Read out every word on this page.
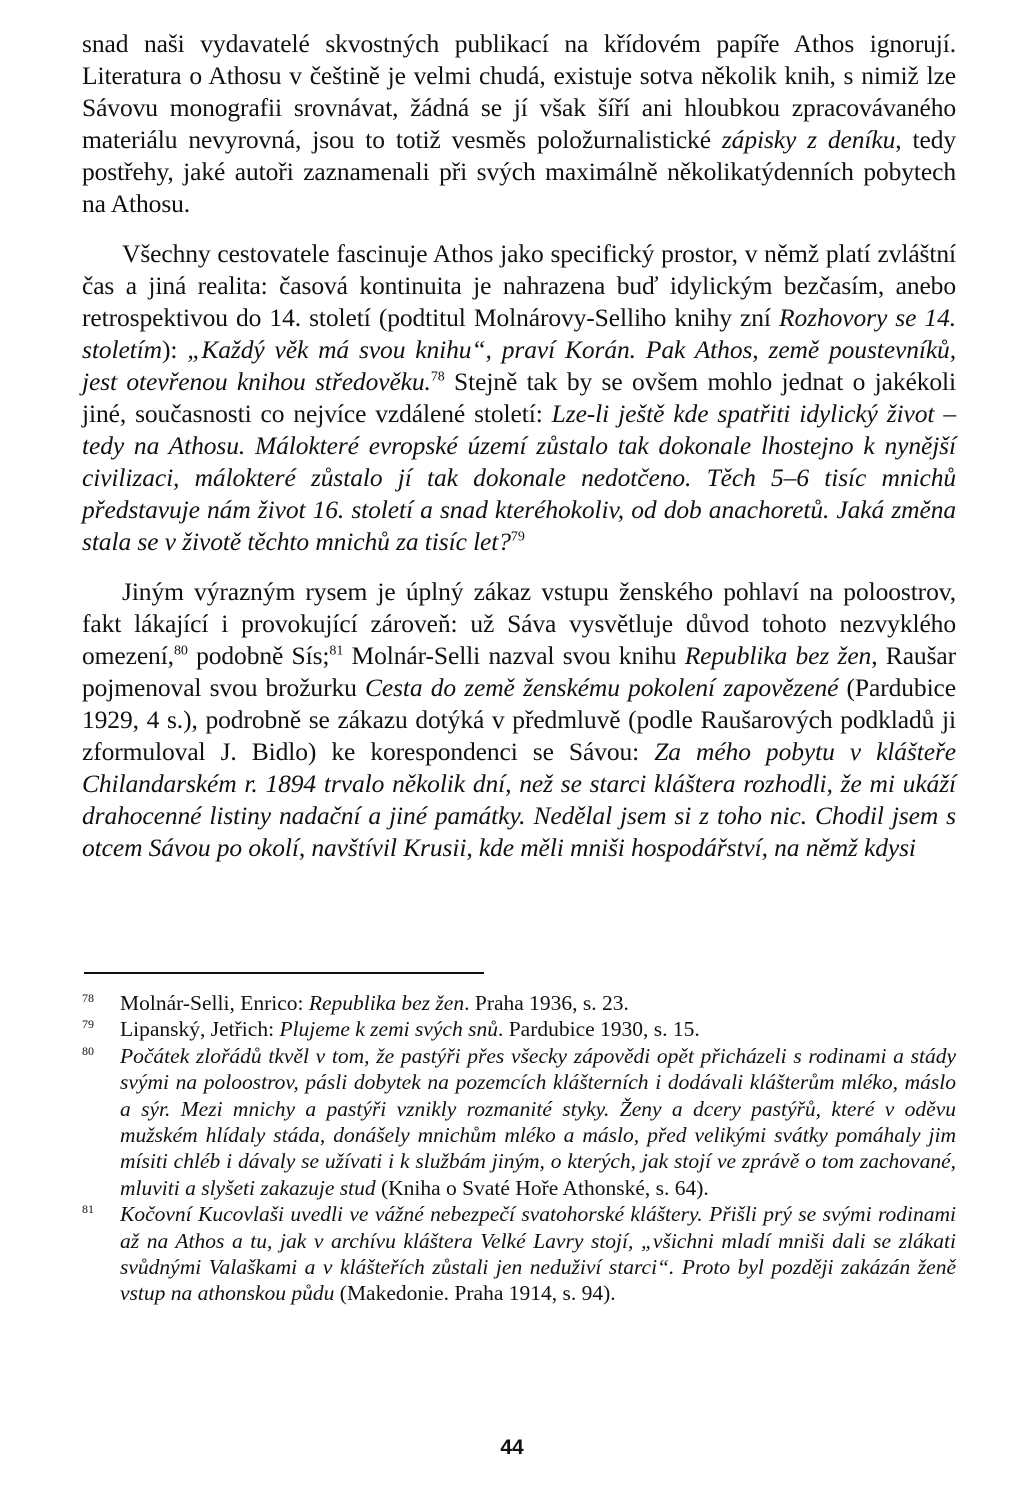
snad naši vydavatelé skvostných publikací na křídovém papíře Athos ignorují. Literatura o Athosu v češtině je velmi chudá, existuje sotva několik knih, s nimiž lze Sávovu monografii srovnávat, žádná se jí však šíří ani hloubkou zpracovávaného materiálu nevyrovná, jsou to totiž vesměs položurnalistické zápisky z deníku, tedy postřehy, jaké autoři zaznamenali při svých maximálně několikatýdenních pobytech na Athosu.

Všechny cestovatele fascinuje Athos jako specifický prostor, v němž platí zvláštní čas a jiná realita: časová kontinuita je nahrazena buď idylickým bezčasím, anebo retrospektivou do 14. století (podtitul Molnárovy-Selliho knihy zní Rozhovory se 14. stoletím): „Každý věk má svou knihu“, praví Korán. Pak Athos, země poustevníků, jest otevřenou knihou středověku.$^{78}$ Stejně tak by se ovšem mohlo jednat o jakékoli jiné, současnosti co nejvíce vzdálené století: Lze-li ještě kde spatřiti idylický život – tedy na Athosu. Málokteré evropské území zůstalo tak dokonale lhostejno k nynější civilizaci, málokteré zůstalo jí tak dokonale nedotčeno. Těch 5–6 tisíc mnichů představuje nám život 16. století a snad kteréhokoliv, od dob anachoretů. Jaká změna stala se v životě těchto mnichů za tisíc let?$^{79}$

Jiným výrazným rysem je úplný zákaz vstupu ženského pohlaví na poloostrov, fakt lákající i provokující zároveň: už Sáva vysvětluje důvod tohoto nezvyklého omezení,$^{80}$ podobně Sís;$^{81}$ Molnár-Selli nazval svou knihu Republika bez žen, Raušar pojmenoval svou brožurku Cesta do země ženskému pokolení zapovězené (Pardubice 1929, 4 s.), podrobně se zákazu dotýká v předmluvě (podle Raušarových podkladů ji zformuloval J. Bidlo) ke korespondenci se Sávou: Za mého pobytu v klášteře Chilandarském r. 1894 trvalo několik dní, než se starci kláštera rozhodli, že mi ukáží drahocenné listiny nadační a jiné památky. Nedělal jsem si z toho nic. Chodil jsem s otcem Sávou po okolí, navštívil Krusii, kde měli mniši hospodářství, na němž kdysi

$^{78}$ Molnár-Selli, Enrico: Republika bez žen. Praha 1936, s. 23.

$^{79}$ Lipanský, Jetřich: Plujeme k zemi svých snů. Pardubice 1930, s. 15.

$^{80}$ Počátek zlořádů tkvěl v tom, že pastýři přes všecky zápovědi opět přicházeli s rodinami a stády svými na poloostrov, pásli dobytek na pozemcích klášterních i dodávali klášterům mléko, máslo a sýr. Mezi mnichy a pastýři vznikly rozmanité styky. Ženy a dcery pastýřů, které v oděvu mužském hlídaly stáda, donášely mnichům mléko a máslo, před velikými svátky pomáhaly jim mísiti chléb i dávaly se užívati i k službám jiným, o kterých, jak stojí ve zprávě o tom zachované, mluviti a slyšeti zakazuje stud (Kniha o Svaté Hoře Athonské, s. 64).

$^{81}$ Kočovní Kucovlaši uvedli ve vážné nebezpečí svatohorské kláštery. Přišli prý se svými rodinami až na Athos a tu, jak v archívu kláštera Velké Lavry stojí, „všichni mladí mniši dali se zlákati svůdnými Valaškami a v klášteřích zůstali jen neduživí starci“. Proto byl později zakázán ženě vstup na athonskou půdu (Makedonie. Praha 1914, s. 94).

44
